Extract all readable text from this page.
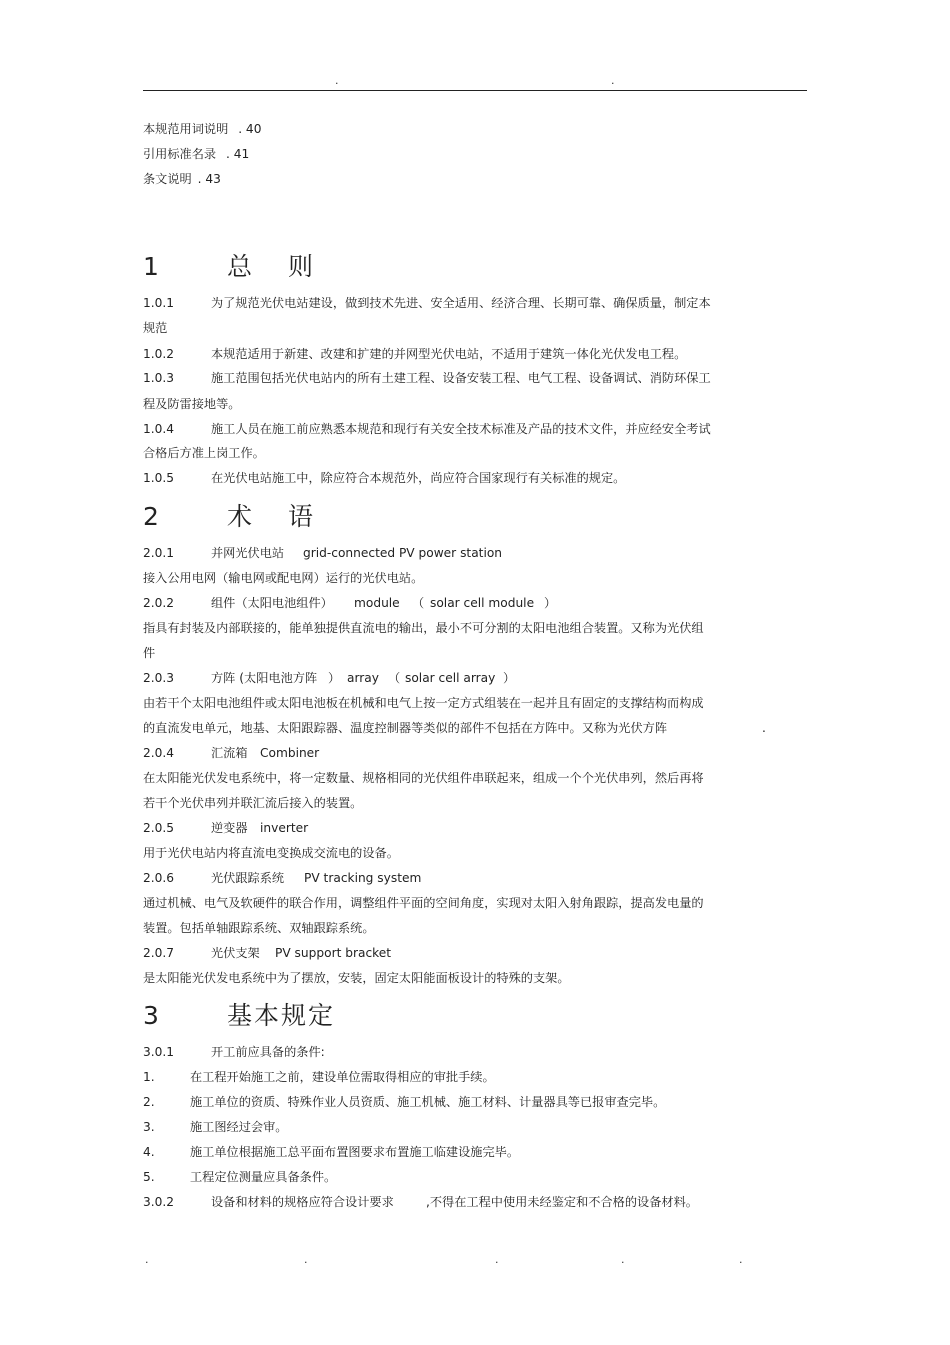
.	.
本规范用词说明 . 40
引用标准名录 . 41
条文说明 . 43
1	总 则
1.0.1	为了规范光伏电站建设，做到技术先进、安全适用、经济合理、长期可靠、确保质量，制定本
规范
1.0.2	本规范适用于新建、改建和扩建的并网型光伏电站，不适用于建筑一体化光伏发电工程。
1.0.3	施工范围包括光伏电站内的所有土建工程、设备安装工程、电气工程、设备调试、消防环保工
程及防雷接地等。
1.0.4	施工人员在施工前应熟悉本规范和现行有关安全技术标准及产品的技术文件，并应经安全考试
合格后方准上岗工作。
1.0.5	在光伏电站施工中，除应符合本规范外，尚应符合国家现行有关标准的规定。
2	术 语
2.0.1	并网光伏电站 grid-connected PV power station
接入公用电网（输电网或配电网）运行的光伏电站。
2.0.2	组件（太阳电池组件） module （ solar cell module ）
指具有封装及内部联接的，能单独提供直流电的输出，最小不可分割的太阳电池组合装置。又称为光伏组
件
2.0.3	方阵 (太阳电池方阵 ） array （ solar cell array ）
由若干个太阳电池组件或太阳电池板在机械和电气上按一定方式组装在一起并且有固定的支撑结构而构成
的直流发电单元，地基、太阳跟踪器、温度控制器等类似的部件不包括在方阵中。又称为光伏方阵	.
2.0.4	汇流箱 Combiner
在太阳能光伏发电系统中，将一定数量、规格相同的光伏组件串联起来，组成一个个光伏串列，然后再将
若干个光伏串列并联汇流后接入的装置。
2.0.5	逆变器 inverter
用于光伏电站内将直流电变换成交流电的设备。
2.0.6	光伏跟踪系统 PV tracking system
通过机械、电气及软硬件的联合作用，调整组件平面的空间角度，实现对太阳入射角跟踪，提高发电量的
装置。包括单轴跟踪系统、双轴跟踪系统。
2.0.7	光伏支架 PV support bracket
是太阳能光伏发电系统中为了摆放，安装，固定太阳能面板设计的特殊的支架。
3	基本规定
3.0.1	开工前应具备的条件:
1.	在工程开始施工之前，建设单位需取得相应的审批手续。
2.	施工单位的资质、特殊作业人员资质、施工机械、施工材料、计量器具等已报审查完毕。
3.	施工图经过会审。
4.	施工单位根据施工总平面布置图要求布置施工临建设施完毕。
5.	工程定位测量应具备条件。
3.0.2	设备和材料的规格应符合设计要求	,不得在工程中使用未经鉴定和不合格的设备材料。
.	.	.	.	.
